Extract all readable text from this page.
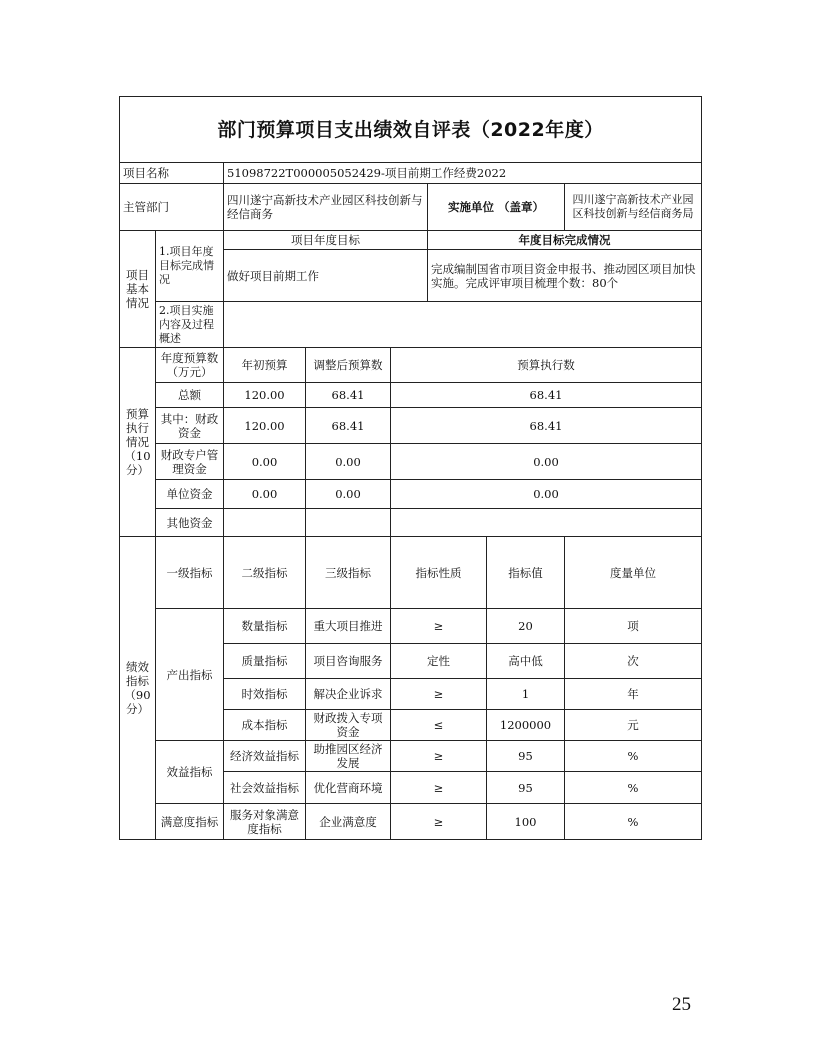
部门预算项目支出绩效自评表（2022年度）							
项目名称		51098722T000005052429-项目前期工作经费2022					
主管部门		四川遂宁高新技术产业园区科技创新与经信商务			实施单位 （盖章）		四川遂宁高新技术产业园区科技创新与经信商务局
项目基本情况	1.项目年度目标完成情况	项目年度目标			年度目标完成情况		
		做好项目前期工作			完成编制国省市项目资金申报书、推动园区项目加快实施。完成评审项目梳理个数：80个		
	2.项目实施内容及过程概述						
预算执行情况（10分）	年度预算数（万元）	年初预算	调整后预算数	预算执行数			
	总额	120.00	68.41	68.41			
	其中：财政资金	120.00	68.41	68.41			
	财政专户管理资金	0.00	0.00	0.00			
	单位资金	0.00	0.00	0.00			
	其他资金						
绩效指标（90分）	一级指标	二级指标	三级指标	指标性质		指标值	度量单位
	产出指标	数量指标	重大项目推进	≥		20	项
		质量指标	项目咨询服务	定性		高中低	次
		时效指标	解决企业诉求	≥		1	年
		成本指标	财政拨入专项资金	≤		1200000	元
	效益指标	经济效益指标	助推园区经济发展	≥		95	%
		社会效益指标	优化营商环境	≥		95	%
	满意度指标	服务对象满意度指标	企业满意度	≥		100	%
25
